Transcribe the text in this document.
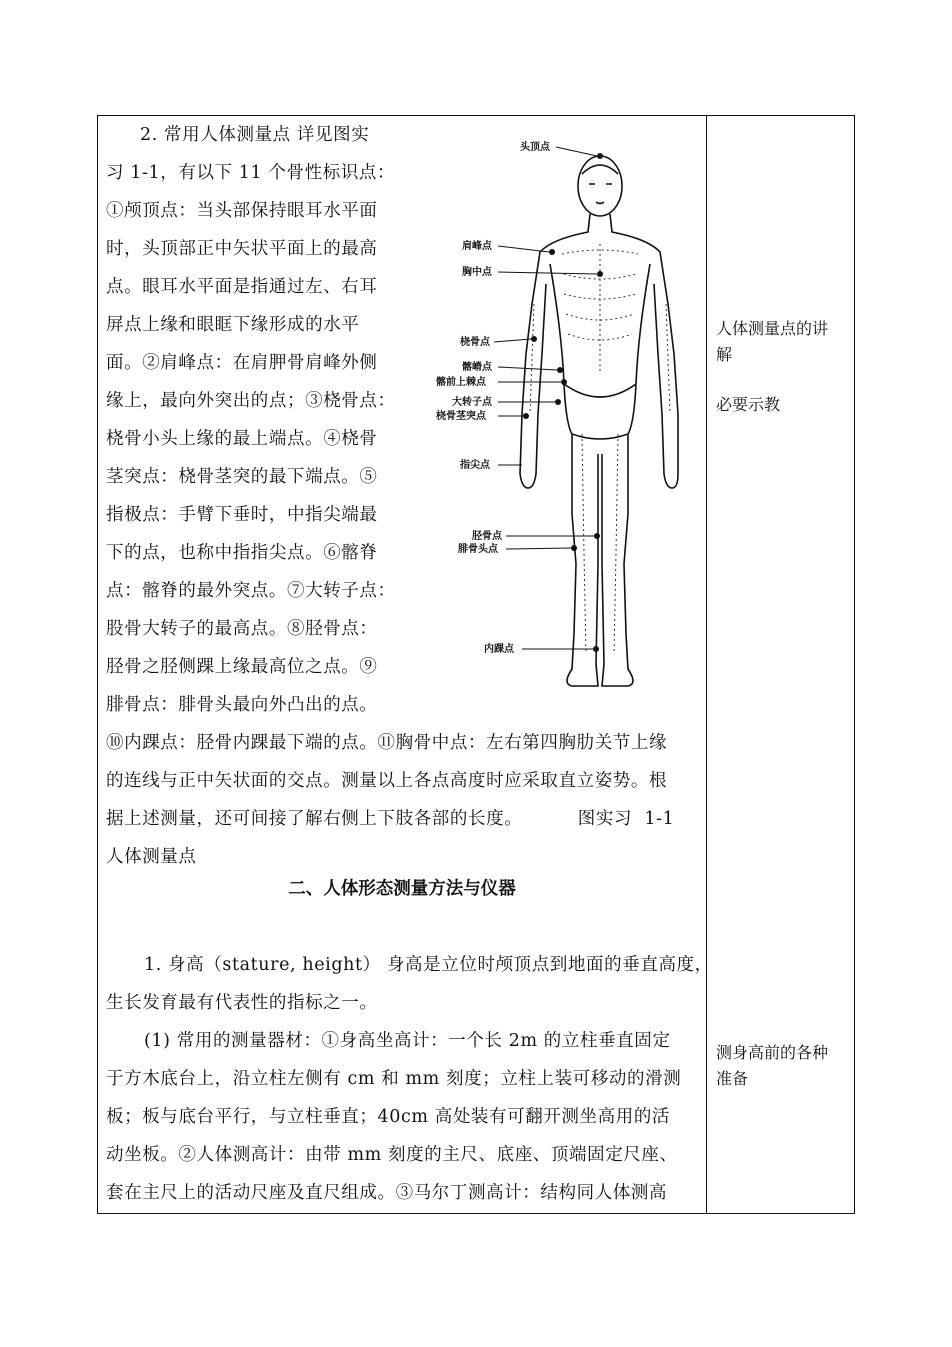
2. 常用人体测量点 详见图实
习 1-1，有以下 11 个骨性标识点：
①颅顶点：当头部保持眼耳水平面
时，头顶部正中矢状平面上的最高
点。眼耳水平面是指通过左、右耳
屏点上缘和眼眶下缘形成的水平
面。②肩峰点：在肩胛骨肩峰外侧
缘上，最向外突出的点；③桡骨点：
桡骨小头上缘的最上端点。④桡骨
茎突点：桡骨茎突的最下端点。⑤
指极点：手臂下垂时，中指尖端最
下的点，也称中指指尖点。⑥髂脊
点：髂脊的最外突点。⑦大转子点：
股骨大转子的最高点。⑧胫骨点：
胫骨之胫侧踝上缘最高位之点。⑨
腓骨点：腓骨头最向外凸出的点。
⑩内踝点：胫骨内踝最下端的点。⑪胸骨中点：左右第四胸肋关节上缘
的连线与正中矢状面的交点。测量以上各点高度时应采取直立姿势。根
据上述测量，还可间接了解右侧上下肢各部的长度。         图实习  1-1
人体测量点
二、人体形态测量方法与仪器
1. 身高（stature, height） 身高是立位时颅顶点到地面的垂直高度，
生长发育最有代表性的指标之一。
(1) 常用的测量器材：①身高坐高计：一个长 2m 的立柱垂直固定
于方木底台上，沿立柱左侧有 cm 和 mm 刻度；立柱上装可移动的滑测
板；板与底台平行，与立柱垂直；40cm 高处装有可翻开测坐高用的活
动坐板。②人体测高计：由带 mm 刻度的主尺、底座、顶端固定尺座、
套在主尺上的活动尺座及直尺组成。③马尔丁测高计：结构同人体测高
头顶点
肩峰点
胸中点
桡骨点
髂嵴点
髂前上棘点
大转子点
桡骨茎突点
指尖点
胫骨点
腓骨头点
内踝点
人体测量点的讲解
必要示教
测身高前的各种准备
